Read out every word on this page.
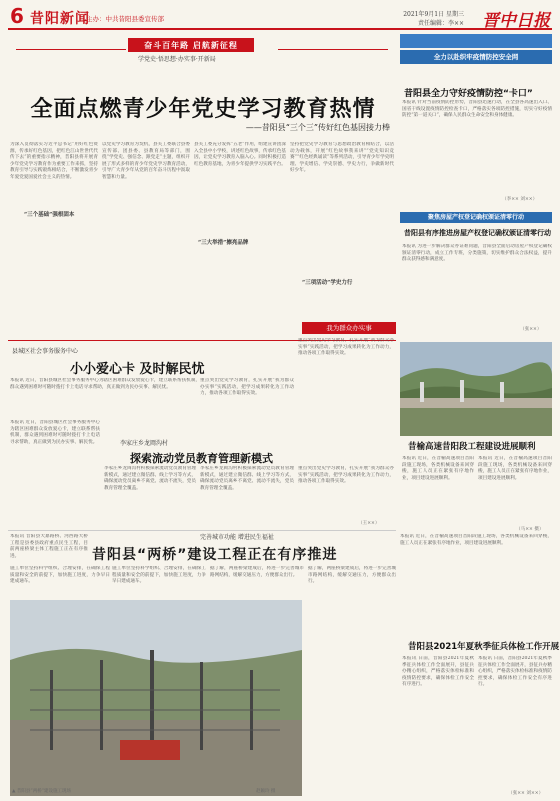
6 昔阳新闻
主办：中共昔阳县委宣传部
2021年9月1日 星期三
责任编辑：李×× 晋中日报
奋斗百年路 启航新征程
学党史·悟思想·办实事·开新局
全面点燃青少年党史学习教育热情
——昔阳县“三个三”传好红色基因接力棒
为深入贯彻落实习近平总书记“用好红色资源，传承好红色基因，把红色江山世世代代传下去”的重要指示精神，昔阳县将开展青少年党史学习教育作为重要工作来抓，坚持教育引导与实践锻炼相结合，不断激发青少年爱党爱国爱社会主义的热情。
“三个基础”强根固本
以党史学习教育为契机，县关工委联合县委宣传部、团县委、县教育局等部门，围绕“学党史、强信念、跟党走”主题，组织开展了形式多样的青少年党史学习教育活动，引导广大青少年从党的百年奋斗历程中汲取智慧和力量。
县关工委充分发挥“五老”作用，组建宣讲团深入全县中小学校，讲述红色故事，传承红色基因，让党史学习教育入脑入心。同时积极打造红色教育基地，为青少年提供学习实践平台。
“三大举措”擦亮品牌
坚持把党史学习教育与思想政治教育相结合，以活动为载体，开展“红色故事我来讲”“党史知识竞赛”“红色经典诵读”等系列活动，引导青少年学史明理、学史增信、学史崇德、学史力行，争做新时代好少年。
“三项活动”学史力行
我为群众办实事
全力以赴织牢疫情防控安全网
昔阳县全力守好疫情防控“卡口”
本报讯 针对当前疫情防控形势，昔阳县迅速行动，在全县各高速出入口、国省干线设置疫情防控检查卡口，严格落实各项防控措施，切实守好疫情防控“第一道关口”，确保人民群众生命安全和身体健康。
（李×× 刘××）
聚焦房屋产权登记确权颁证清零行动
昔阳县有序推进房屋产权登记确权颁证清零行动
本报讯 为进一步解决群众办证难问题，昔阳县全面启动房屋产权登记确权颁证清零行动，成立工作专班，分类施策，切实维护群众合法权益，提升群众获得感和满意度。
（张××）
县城区社会事务服务中心
小小爱心卡 及时解民忧
本报讯 近日，昔阳县城区社会事务服务中心为辖区困难群众发放爱心卡，建立联系帮扶机制，群众遇到困难时可随时拨打卡上电话寻求帮助，真正做到为民办实事、解民忧。
本报讯 近日，昔阳县城区社会事务服务中心为辖区困难群众发放爱心卡，建立联系帮扶机制，群众遇到困难时可随时拨打卡上电话寻求帮助，真正做到为民办实事、解民忧。	李家庄乡龙岡沟村
探索流动党员教育管理新模式
李家庄乡龙岡沟村积极探索流动党员教育管理新模式，通过建立微信群、线上学习等方式，确保流动党员离乡不离党、流动不流失，党员教育管理全覆盖。
李家庄乡龙岡沟村积极探索流动党员教育管理新模式，通过建立微信群、线上学习等方式，确保流动党员离乡不离党、流动不流失，党员教育管理全覆盖。
重点突出党史学习教育，扎实开展“我为群众办实事”实践活动，把学习成果转化为工作动力，推动各项工作取得实效。
（王××）
重点突出党史学习教育，扎实开展“我为群众办实事”实践活动，把学习成果转化为工作动力，推动各项工作取得实效。
重点突出党史学习教育，扎实开展“我为群众办实事”实践活动，把学习成果转化为工作动力，推动各项工作取得实效。
昔榆高速昔阳段工程建设进展顺利
本报讯 近日，在昔榆高速项目昔阳段施工现场，各类机械设备来回穿梭，施工人员正在紧张有序地作业，项目建设进展顺利。
本报讯 近日，在昔榆高速项目昔阳段施工现场，各类机械设备来回穿梭，施工人员正在紧张有序地作业，项目建设进展顺利。
（马×× 摄）
完善城市功能 增进民生福祉
昔阳县“两桥”建设工程正在有序推进
本报讯 昔阳县大寨路桥、河西路大桥工程是县委县政府重点民生工程，目前两座桥梁主体工程施工正在有序推进。
施工单位坚持科学组织、合理安排，在确保工程质量和安全的前提下，加快施工进度，力争早日建成通车。
施工单位坚持科学组织、合理安排，在确保工程质量和安全的前提下，加快施工进度，力争早日建成通车。
据了解，两座桥梁建成后，将进一步完善城市路网结构，缓解交通压力，方便群众出行。
据了解，两座桥梁建成后，将进一步完善城市路网结构，缓解交通压力，方便群众出行。
▲ 昔阳县“两桥”建设施工现场	赵颖玲 摄
本报讯 近日，在昔榆高速项目昔阳段施工现场，各类机械设备来回穿梭，施工人员正在紧张有序地作业，项目建设进展顺利。
昔阳县2021年夏秋季征兵体检工作开展
本报讯 日前，昔阳县2021年夏秋季征兵体检工作全面展开，县征兵办精心组织，严格落实体检标准和疫情防控要求，确保体检工作安全有序进行。
本报讯 日前，昔阳县2021年夏秋季征兵体检工作全面展开，县征兵办精心组织，严格落实体检标准和疫情防控要求，确保体检工作安全有序进行。
（张×× 刘××）
